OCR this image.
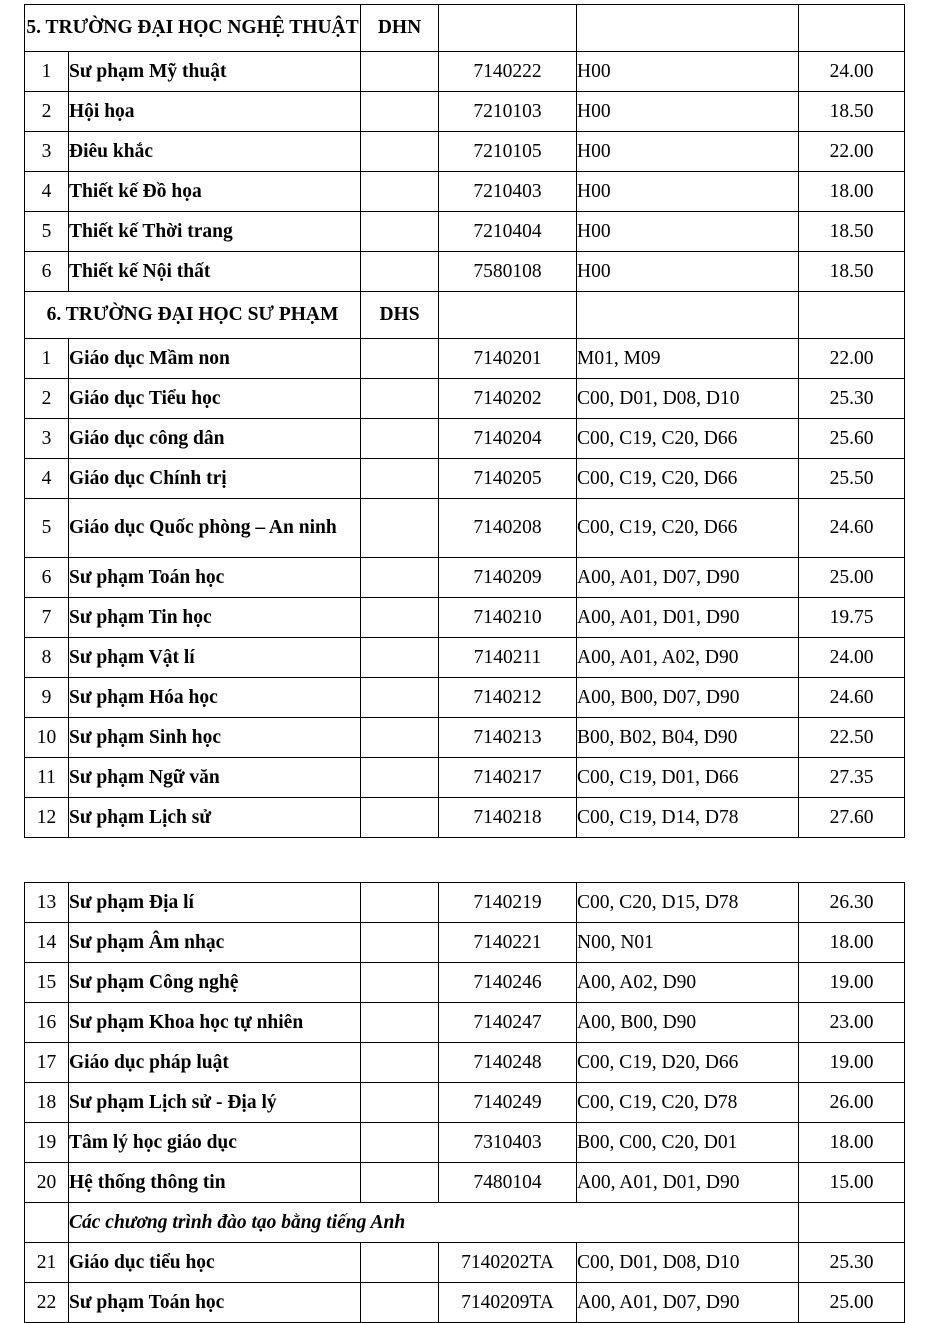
5. TRƯỜNG ĐẠI HỌC NGHỆ THUẬT		DHN			
1	Sư phạm Mỹ thuật		7140222	H00	24.00
2	Hội họa		7210103	H00	18.50
3	Điêu khắc		7210105	H00	22.00
4	Thiết kế Đồ họa		7210403	H00	18.00
5	Thiết kế Thời trang		7210404	H00	18.50
6	Thiết kế Nội thất		7580108	H00	18.50
6. TRƯỜNG ĐẠI HỌC SƯ PHẠM		DHS			
1	Giáo dục Mầm non		7140201	M01, M09	22.00
2	Giáo dục Tiểu học		7140202	C00, D01, D08, D10	25.30
3	Giáo dục công dân		7140204	C00, C19, C20, D66	25.60
4	Giáo dục Chính trị		7140205	C00, C19, C20, D66	25.50
5	Giáo dục Quốc phòng – An ninh		7140208	C00, C19, C20, D66	24.60
6	Sư phạm Toán học		7140209	A00, A01, D07, D90	25.00
7	Sư phạm Tin học		7140210	A00, A01, D01, D90	19.75
8	Sư phạm Vật lí		7140211	A00, A01, A02, D90	24.00
9	Sư phạm Hóa học		7140212	A00, B00, D07, D90	24.60
10	Sư phạm Sinh học		7140213	B00, B02, B04, D90	22.50
11	Sư phạm Ngữ văn		7140217	C00, C19, D01, D66	27.35
12	Sư phạm Lịch sử		7140218	C00, C19, D14, D78	27.60
13	Sư phạm Địa lí		7140219	C00, C20, D15, D78	26.30
14	Sư phạm Âm nhạc		7140221	N00, N01	18.00
15	Sư phạm Công nghệ		7140246	A00, A02, D90	19.00
16	Sư phạm Khoa học tự nhiên		7140247	A00, B00, D90	23.00
17	Giáo dục pháp luật		7140248	C00, C19, D20, D66	19.00
18	Sư phạm Lịch sử - Địa lý		7140249	C00, C19, C20, D78	26.00
19	Tâm lý học giáo dục		7310403	B00, C00, C20, D01	18.00
20	Hệ thống thông tin		7480104	A00, A01, D01, D90	15.00
	Các chương trình đào tạo bằng tiếng Anh				
21	Giáo dục tiểu học		7140202TA	C00, D01, D08, D10	25.30
22	Sư phạm Toán học		7140209TA	A00, A01, D07, D90	25.00
